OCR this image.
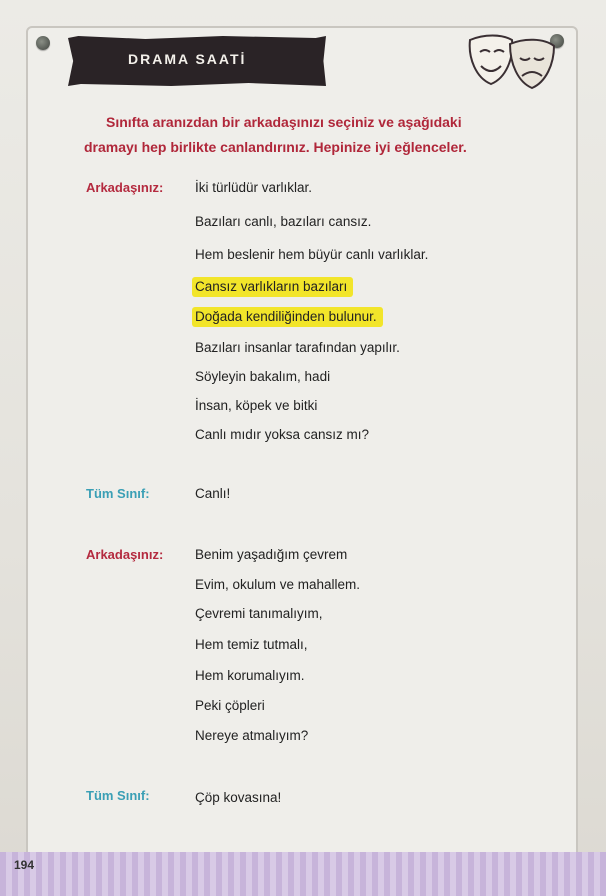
DRAMA SAATİ
Sınıfta aranızdan bir arkadaşınızı seçiniz ve aşağıdaki
dramayı hep birlikte canlandırınız. Hepinize iyi eğlenceler.
Arkadaşınız: İki türlüdür varlıklar.
Bazıları canlı, bazıları cansız.
Hem beslenir hem büyür canlı varlıklar.
Cansız varlıkların bazıları
Doğada kendiliğinden bulunur.
Bazıları insanlar tarafından yapılır.
Söyleyin bakalım, hadi
İnsan, köpek ve bitki
Canlı mıdır yoksa cansız mı?
Tüm Sınıf:	Canlı!
Arkadaşınız: Benim yaşadığım çevrem
Evim, okulum ve mahallem.
Çevremi tanımalıyım,
Hem temiz tutmalı,
Hem korumalıyım.
Peki çöpleri
Nereye atmalıyım?
Tüm Sınıf:	Çöp kovasına!
194
